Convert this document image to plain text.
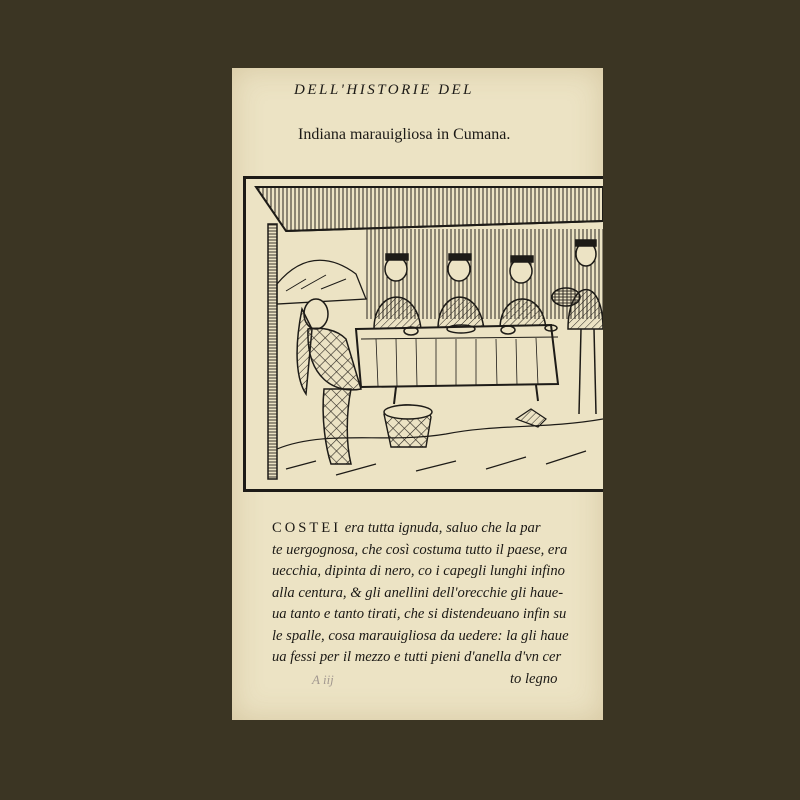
DELL'HISTORIE DEL
Indiana marauigliosa in Cumana.
COSTEI era tutta ignuda, saluo che la par
te uergognosa, che così costuma tutto il paese, era
uecchia, dipinta di nero, co i capegli lunghi infino
alla centura, & gli anellini dell'orecchie gli haue-
ua tanto e tanto tirati, che si distendeuano infin su
le spalle, cosa marauigliosa da uedere: la gli haue
ua fessi per il mezzo e tutti pieni d'anella d'vn cer
to legno
A iij
